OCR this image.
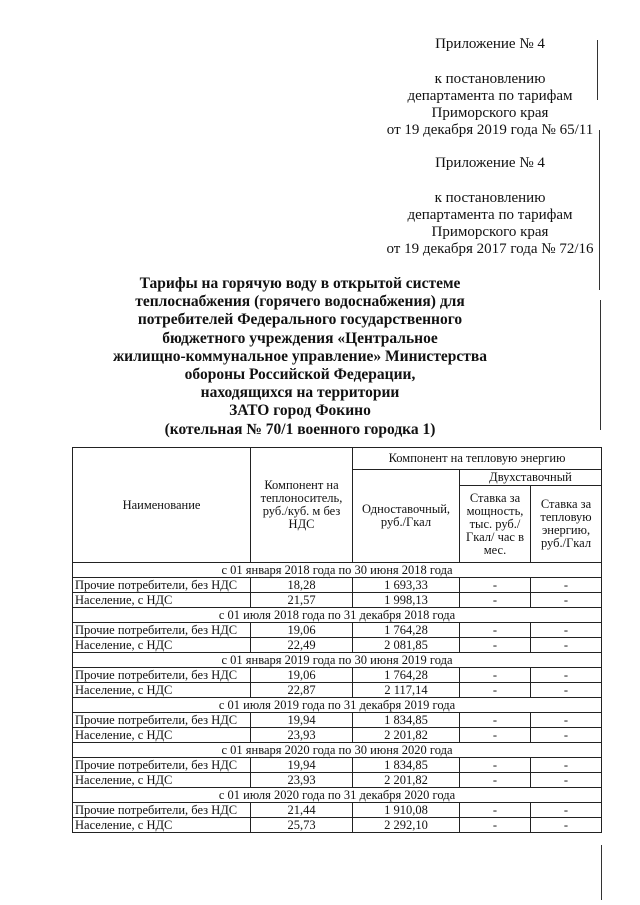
Приложение № 4
к постановлению
департамента по тарифам
Приморского края
от 19 декабря 2019 года № 65/11
Приложение № 4
к постановлению
департамента по тарифам
Приморского края
от 19 декабря 2017 года № 72/16
Тарифы на горячую воду в открытой системе
теплоснабжения (горячего водоснабжения) для
потребителей Федерального государственного
бюджетного учреждения «Центральное
жилищно-коммунальное управление» Министерства
обороны Российской Федерации,
находящихся на территории
ЗАТО город Фокино
(котельная № 70/1 военного городка 1)
Наименование	Компонент на теплоноситель, руб./куб. м без НДС	Компонент на тепловую энергию		
		Одноставочный, руб./Гкал	Двухставочный	
			Ставка за мощность, тыс. руб./Гкал/ час в мес.	Ставка за тепловую энергию, руб./Гкал
с 01 января 2018 года по 30 июня 2018 года				
Прочие потребители, без НДС	18,28	1 693,33	-	-
Население, с НДС	21,57	1 998,13	-	-
с 01 июля 2018 года по 31 декабря 2018 года				
Прочие потребители, без НДС	19,06	1 764,28	-	-
Население, с НДС	22,49	2 081,85	-	-
с 01 января 2019 года по 30 июня 2019 года				
Прочие потребители, без НДС	19,06	1 764,28	-	-
Население, с НДС	22,87	2 117,14	-	-
с 01 июля 2019 года по 31 декабря 2019 года				
Прочие потребители, без НДС	19,94	1 834,85	-	-
Население, с НДС	23,93	2 201,82	-	-
с 01 января 2020 года по 30 июня 2020 года				
Прочие потребители, без НДС	19,94	1 834,85	-	-
Население, с НДС	23,93	2 201,82	-	-
с 01 июля 2020 года по 31 декабря 2020 года				
Прочие потребители, без НДС	21,44	1 910,08	-	-
Население, с НДС	25,73	2 292,10	-	-
